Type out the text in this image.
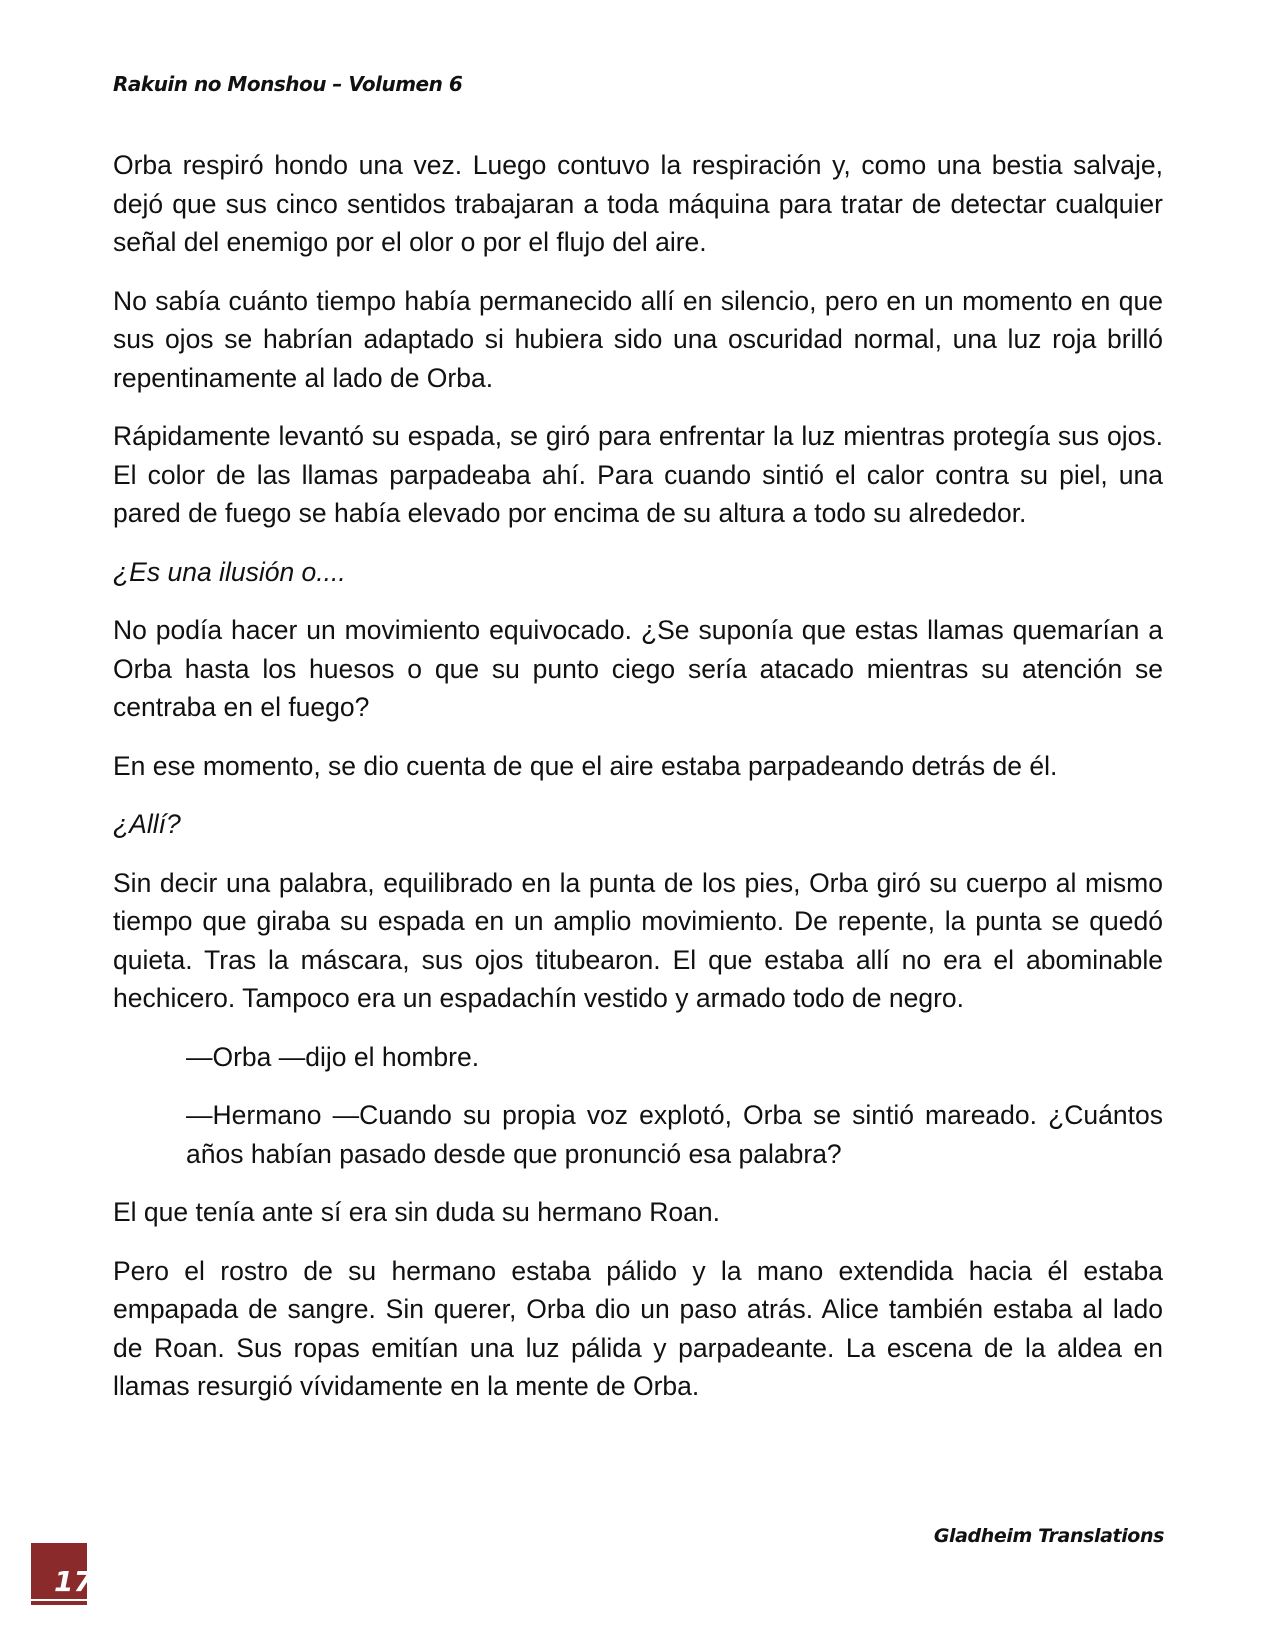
Rakuin no Monshou – Volumen 6

Orba respiró hondo una vez. Luego contuvo la respiración y, como una bestia salvaje, dejó que sus cinco sentidos trabajaran a toda máquina para tratar de detectar cualquier señal del enemigo por el olor o por el flujo del aire.

No sabía cuánto tiempo había permanecido allí en silencio, pero en un momento en que sus ojos se habrían adaptado si hubiera sido una oscuridad normal, una luz roja brilló repentinamente al lado de Orba.

Rápidamente levantó su espada, se giró para enfrentar la luz mientras protegía sus ojos. El color de las llamas parpadeaba ahí. Para cuando sintió el calor contra su piel, una pared de fuego se había elevado por encima de su altura a todo su alrededor.

¿Es una ilusión o....

No podía hacer un movimiento equivocado. ¿Se suponía que estas llamas quemarían a Orba hasta los huesos o que su punto ciego sería atacado mientras su atención se centraba en el fuego?

En ese momento, se dio cuenta de que el aire estaba parpadeando detrás de él.

¿Allí?

Sin decir una palabra, equilibrado en la punta de los pies, Orba giró su cuerpo al mismo tiempo que giraba su espada en un amplio movimiento. De repente, la punta se quedó quieta. Tras la máscara, sus ojos titubearon. El que estaba allí no era el abominable hechicero. Tampoco era un espadachín vestido y armado todo de negro.

—Orba —dijo el hombre.

—Hermano —Cuando su propia voz explotó, Orba se sintió mareado. ¿Cuántos años habían pasado desde que pronunció esa palabra?

El que tenía ante sí era sin duda su hermano Roan.

Pero el rostro de su hermano estaba pálido y la mano extendida hacia él estaba empapada de sangre. Sin querer, Orba dio un paso atrás. Alice también estaba al lado de Roan. Sus ropas emitían una luz pálida y parpadeante. La escena de la aldea en llamas resurgió vívidamente en la mente de Orba.

Gladheim Translations
17
